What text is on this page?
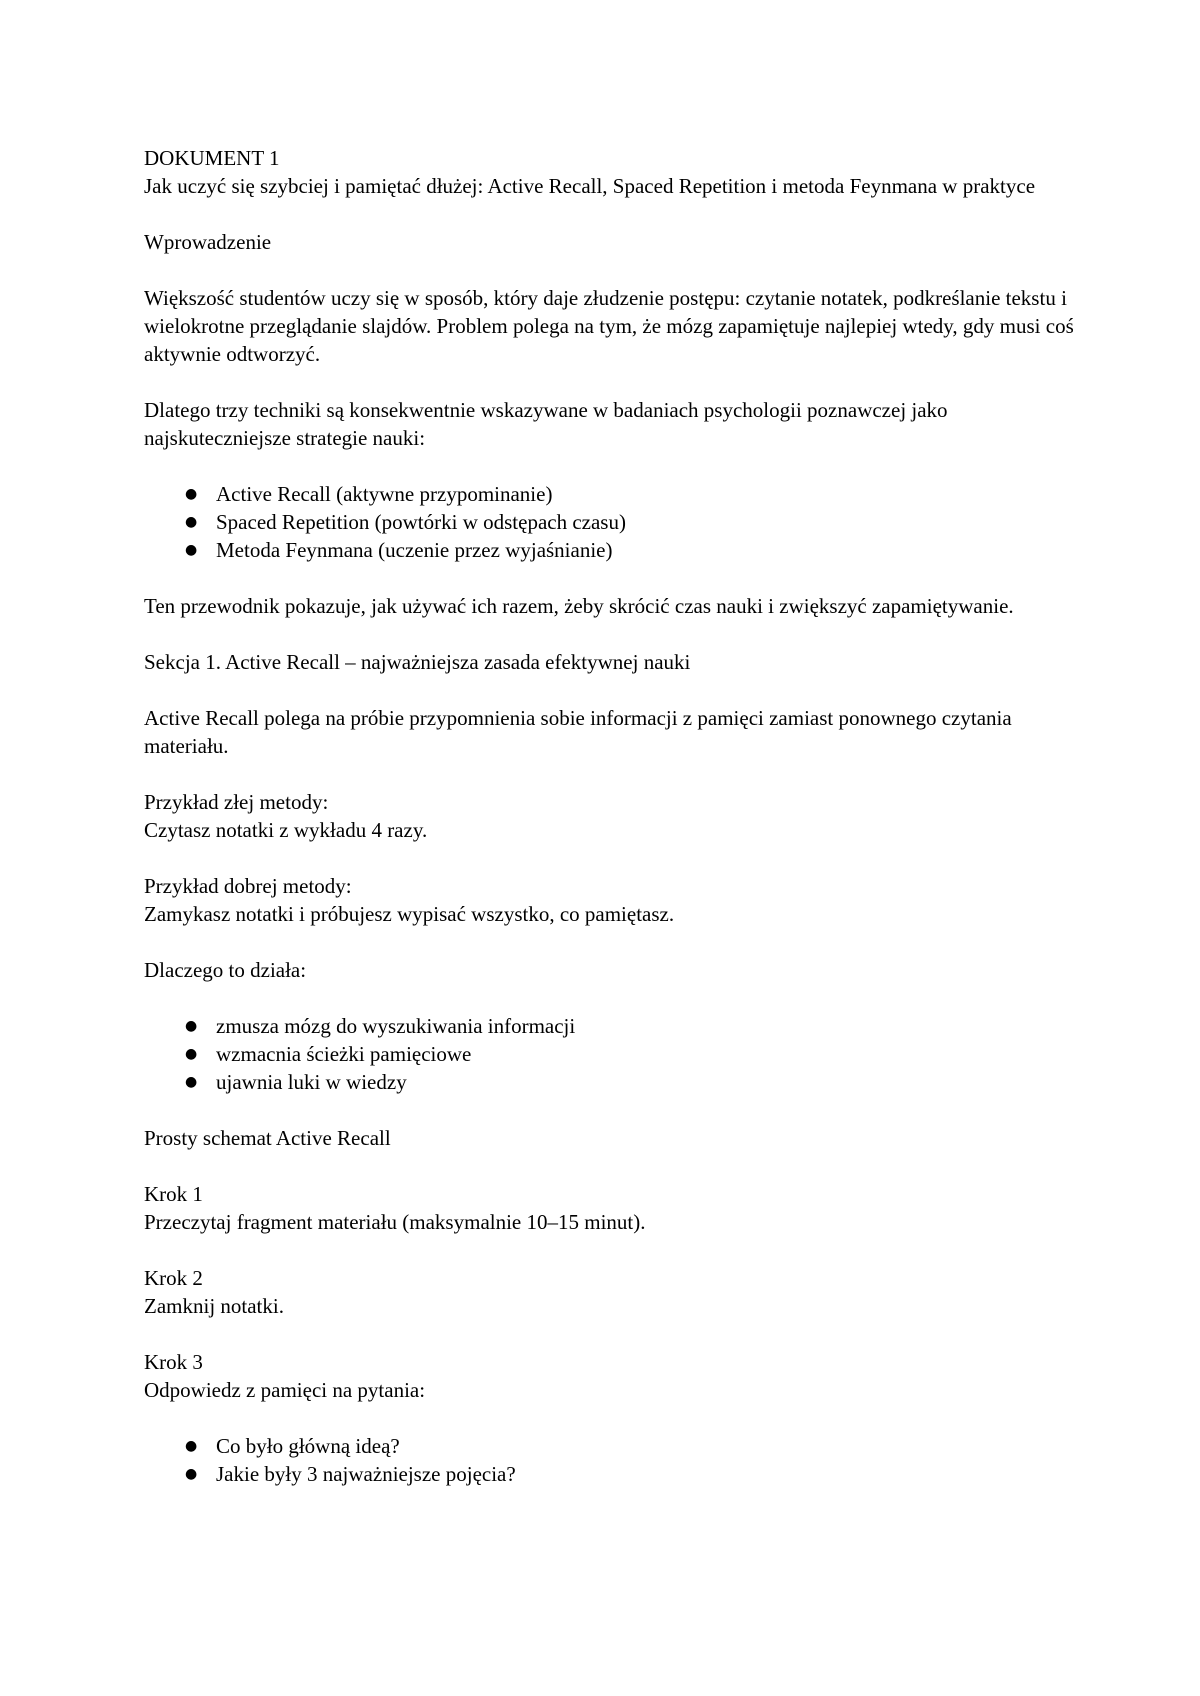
DOKUMENT 1

Jak uczyć się szybciej i pamiętać dłużej: Active Recall, Spaced Repetition i metoda Feynmana w praktyce

Wprowadzenie

Większość studentów uczy się w sposób, który daje złudzenie postępu: czytanie notatek, podkreślanie tekstu i wielokrotne przeglądanie slajdów. Problem polega na tym, że mózg zapamiętuje najlepiej wtedy, gdy musi coś aktywnie odtworzyć.

Dlatego trzy techniki są konsekwentnie wskazywane w badaniach psychologii poznawczej jako najskuteczniejsze strategie nauki:

● Active Recall (aktywne przypominanie)
● Spaced Repetition (powtórki w odstępach czasu)
● Metoda Feynmana (uczenie przez wyjaśnianie)

Ten przewodnik pokazuje, jak używać ich razem, żeby skrócić czas nauki i zwiększyć zapamiętywanie.

Sekcja 1. Active Recall – najważniejsza zasada efektywnej nauki

Active Recall polega na próbie przypomnienia sobie informacji z pamięci zamiast ponownego czytania materiału.

Przykład złej metody:
Czytasz notatki z wykładu 4 razy.

Przykład dobrej metody:
Zamykasz notatki i próbujesz wypisać wszystko, co pamiętasz.

Dlaczego to działa:

● zmusza mózg do wyszukiwania informacji
● wzmacnia ścieżki pamięciowe
● ujawnia luki w wiedzy

Prosty schemat Active Recall

Krok 1
Przeczytaj fragment materiału (maksymalnie 10–15 minut).

Krok 2
Zamknij notatki.

Krok 3
Odpowiedz z pamięci na pytania:

● Co było główną ideą?
● Jakie były 3 najważniejsze pojęcia?
